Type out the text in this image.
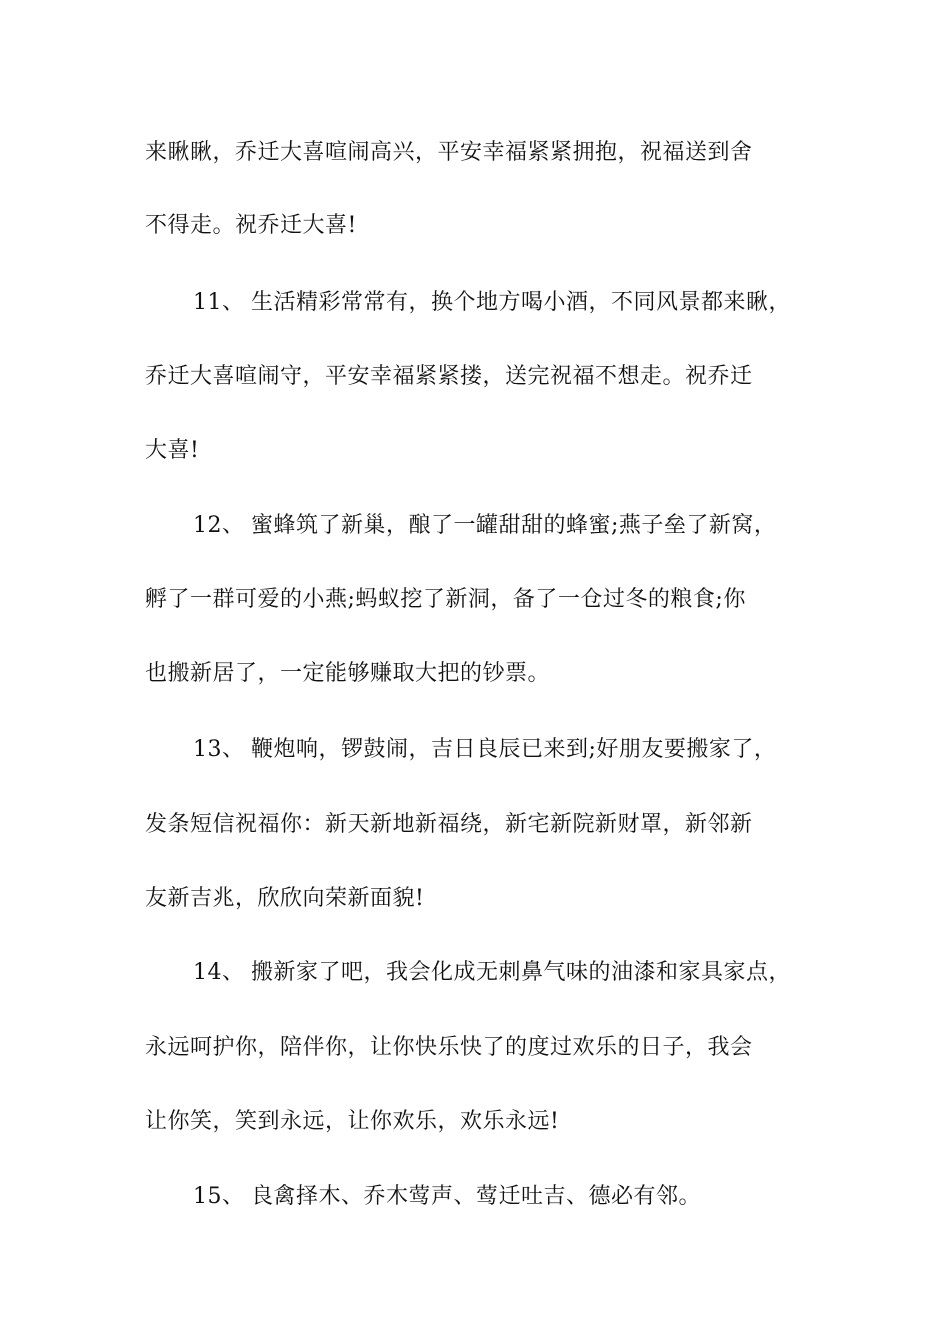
来瞅瞅，乔迁大喜喧闹高兴，平安幸福紧紧拥抱，祝福送到舍
不得走。祝乔迁大喜!
11、 生活精彩常常有，换个地方喝小酒，不同风景都来瞅，
乔迁大喜喧闹守，平安幸福紧紧搂，送完祝福不想走。祝乔迁
大喜!
12、 蜜蜂筑了新巢，酿了一罐甜甜的蜂蜜;燕子垒了新窝，
孵了一群可爱的小燕;蚂蚁挖了新洞，备了一仓过冬的粮食;你
也搬新居了，一定能够赚取大把的钞票。
13、 鞭炮响，锣鼓闹，吉日良辰已来到;好朋友要搬家了，
发条短信祝福你：新天新地新福绕，新宅新院新财罩，新邻新
友新吉兆，欣欣向荣新面貌!
14、 搬新家了吧，我会化成无刺鼻气味的油漆和家具家点，
永远呵护你，陪伴你，让你快乐快了的度过欢乐的日子，我会
让你笑，笑到永远，让你欢乐，欢乐永远!
15、 良禽择木、乔木莺声、莺迁吐吉、德必有邻。
